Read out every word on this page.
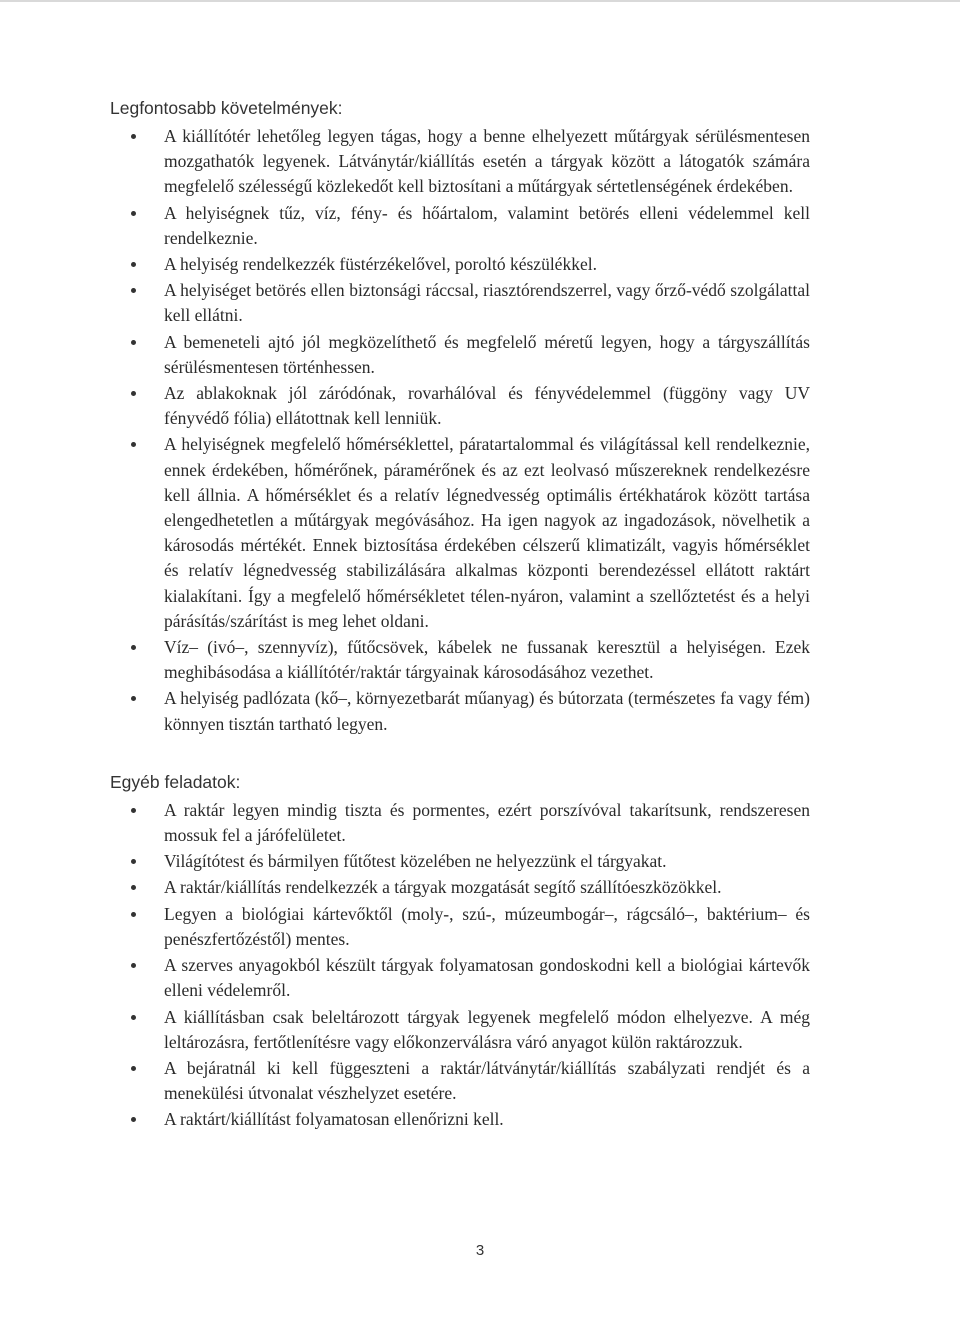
Legfontosabb követelmények:
A kiállítótér lehetőleg legyen tágas, hogy a benne elhelyezett műtárgyak sérülésmentesen mozgathatók legyenek. Látványtár/kiállítás esetén a tárgyak között a látogatók számára megfelelő szélességű közlekedőt kell biztosítani a műtárgyak sértetlenségének érdekében.
A helyiségnek tűz, víz, fény- és hőártalom, valamint betörés elleni védelemmel kell rendelkeznie.
A helyiség rendelkezzék füstérzékelővel, poroltó készülékkel.
A helyiséget betörés ellen biztonsági ráccsal, riasztórendszerrel, vagy őrző-védő szolgálattal kell ellátni.
A bemeneteli ajtó jól megközelíthető és megfelelő méretű legyen, hogy a tárgyszállítás sérülésmentesen történhessen.
Az ablakoknak jól záródónak, rovarhálóval és fényvédelemmel (függöny vagy UV fényvédő fólia) ellátottnak kell lenniük.
A helyiségnek megfelelő hőmérséklettel, páratartalommal és világítással kell rendelkeznie, ennek érdekében, hőmérőnek, páramérőnek és az ezt leolvasó műszereknek rendelkezésre kell állnia. A hőmérséklet és a relatív légnedvesség optimális értékhatárok között tartása elengedhetetlen a műtárgyak megóvásához. Ha igen nagyok az ingadozások, növelhetik a károsodás mértékét. Ennek biztosítása érdekében célszerű klimatizált, vagyis hőmérséklet és relatív légnedvesség stabilizálására alkalmas központi berendezéssel ellátott raktárt kialakítani. Így a megfelelő hőmérsékletet télen-nyáron, valamint a szellőztetést és a helyi párásítás/szárítást is meg lehet oldani.
Víz– (ivó–, szennyvíz), fűtőcsövek, kábelek ne fussanak keresztül a helyiségen. Ezek meghibásodása a kiállítótér/raktár tárgyainak károsodásához vezethet.
A helyiség padlózata (kő–, környezetbarát műanyag) és bútorzata (természetes fa vagy fém) könnyen tisztán tartható legyen.
Egyéb feladatok:
A raktár legyen mindig tiszta és pormentes, ezért porszívóval takarítsunk, rendszeresen mossuk fel a járófelületet.
Világítótest és bármilyen fűtőtest közelében ne helyezzünk el tárgyakat.
A raktár/kiállítás rendelkezzék a tárgyak mozgatását segítő szállítóeszközökkel.
Legyen a biológiai kártevőktől (moly-, szú-, múzeumbogár–, rágcsáló–, baktérium– és penészfertőzéstől) mentes.
A szerves anyagokból készült tárgyak folyamatosan gondoskodni kell a biológiai kártevők elleni védelemről.
A kiállításban csak beleltározott tárgyak legyenek megfelelő módon elhelyezve. A még leltározásra, fertőtlenítésre vagy előkonzerválásra váró anyagot külön raktározzuk.
A bejáratnál ki kell függeszteni a raktár/látványtár/kiállítás szabályzati rendjét és a menekülési útvonalat vészhelyzet esetére.
A raktárt/kiállítást folyamatosan ellenőrizni kell.
3
